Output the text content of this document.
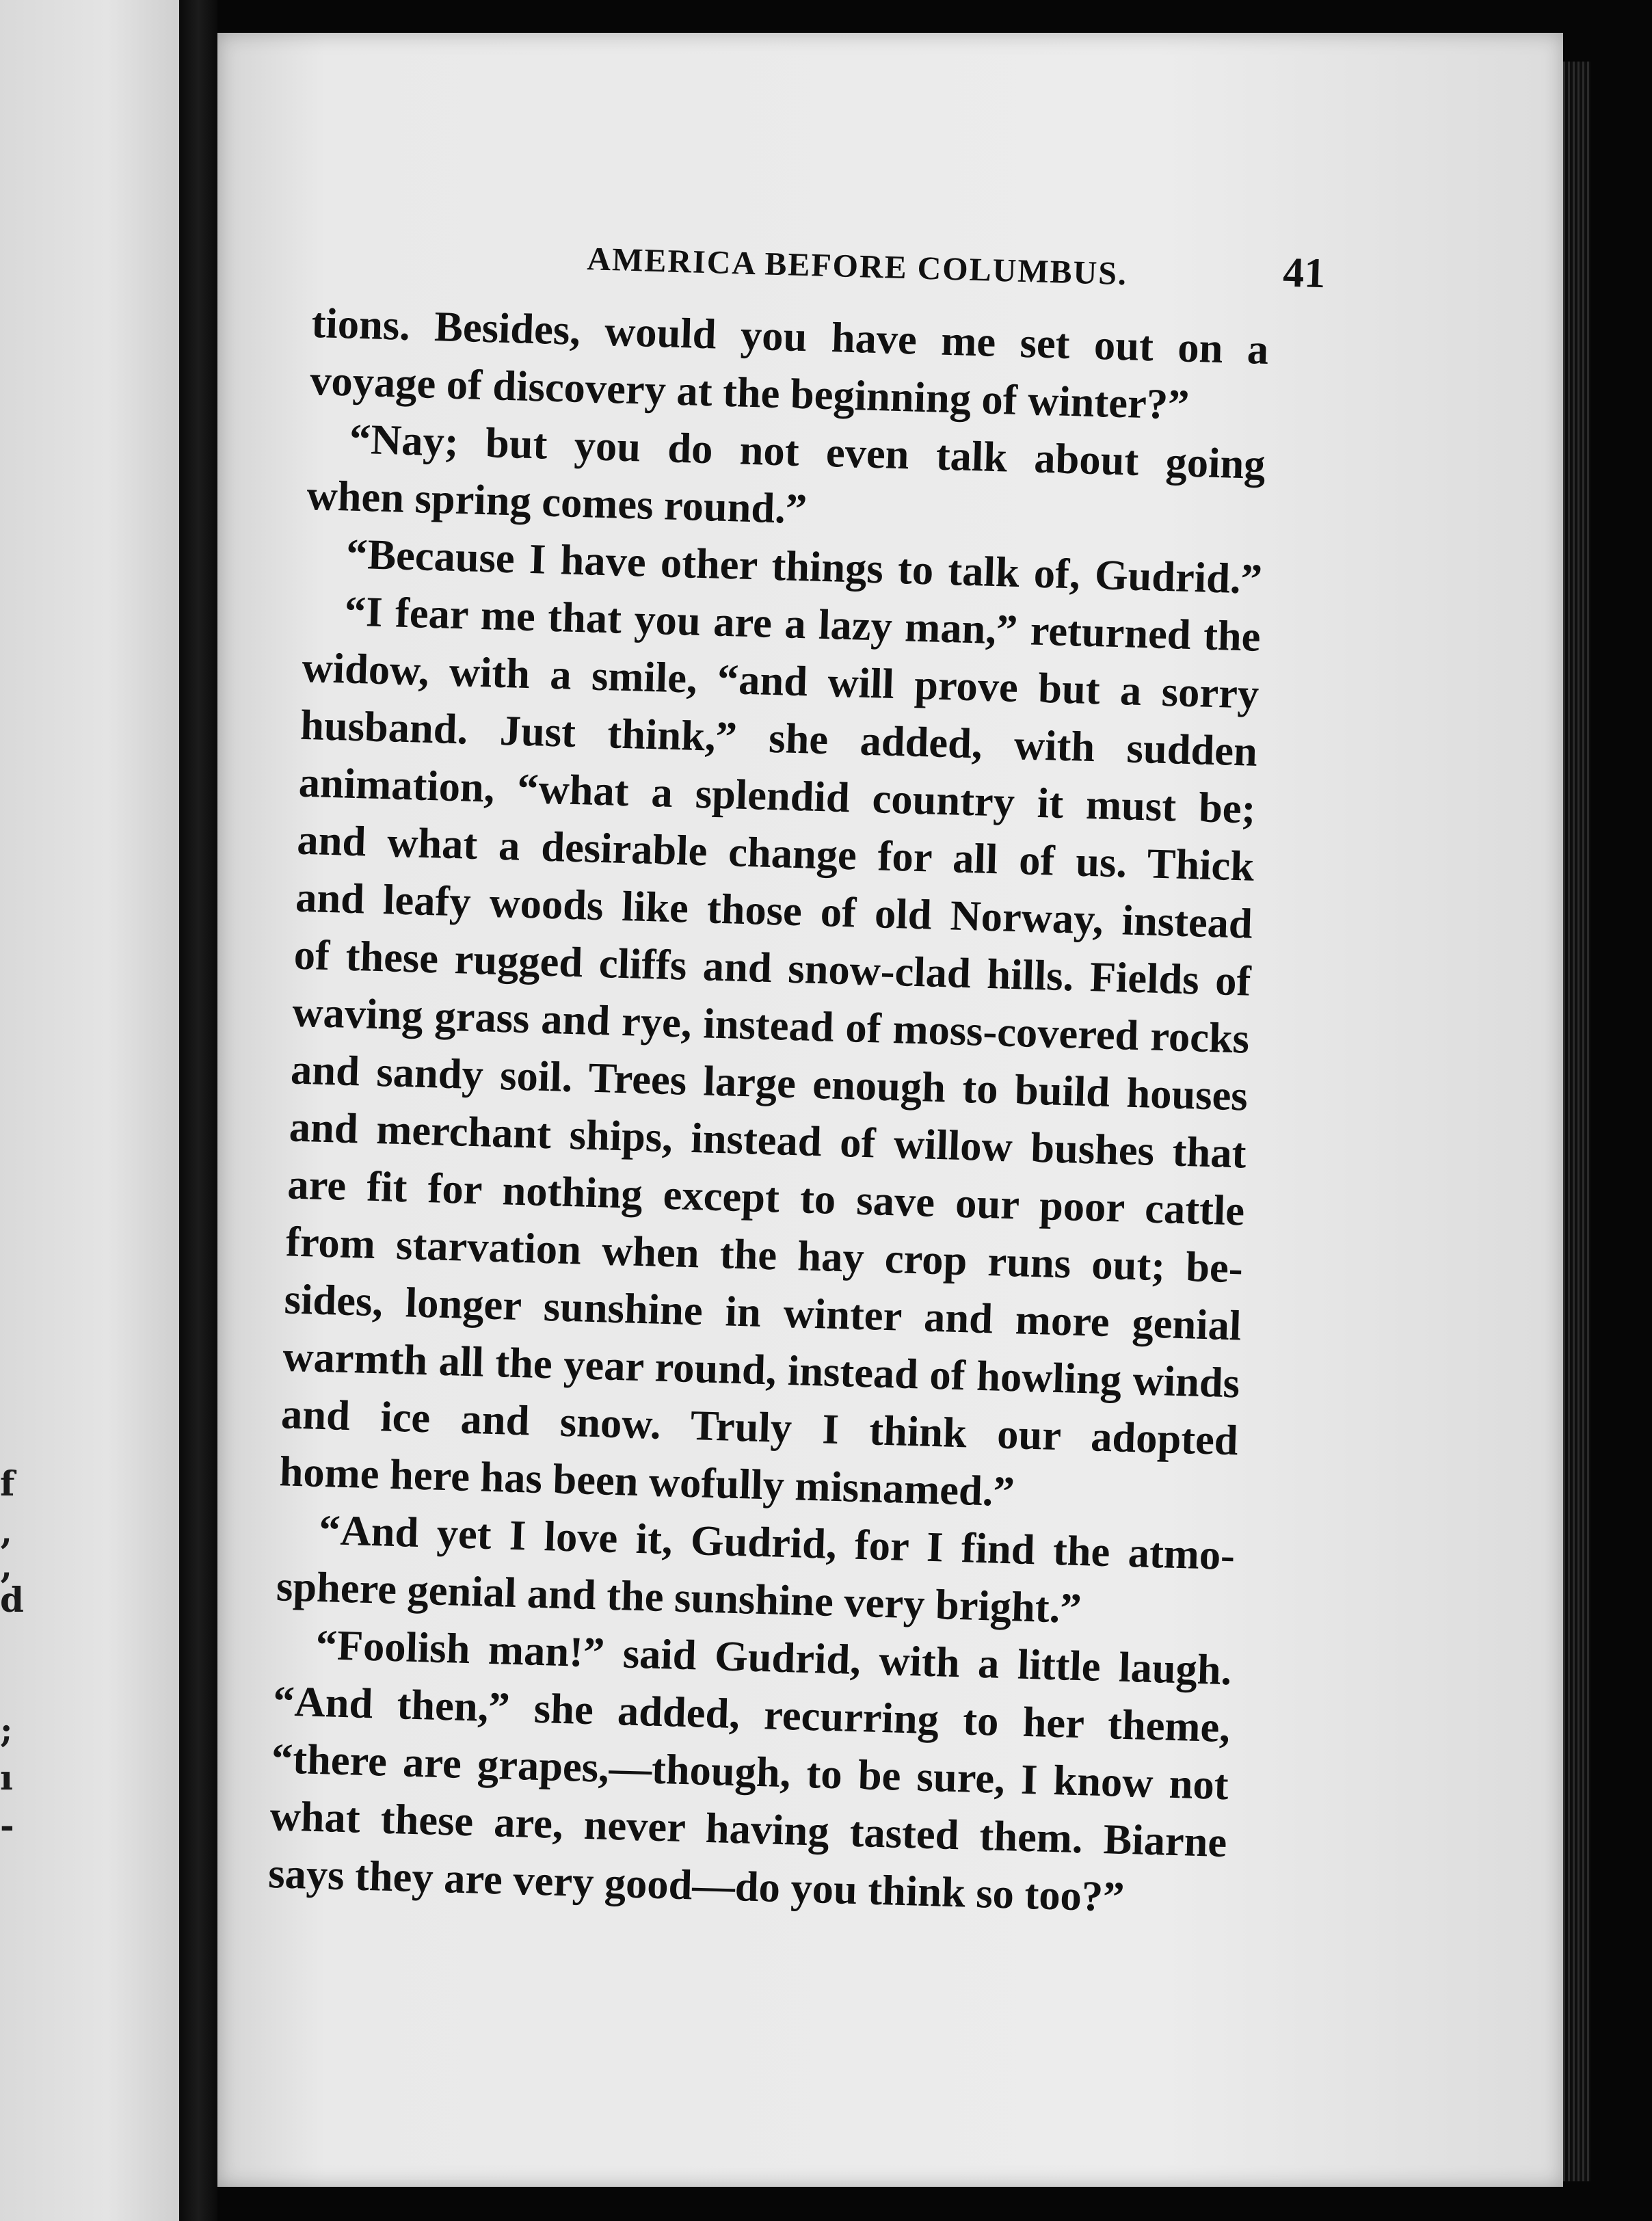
;
ı
-
,
f
,
d
AMERICA BEFORE COLUMBUS.	41
tions. Besides, would you have me set out on a
voyage of discovery at the beginning of winter?”
“Nay; but you do not even talk about going
when spring comes round.”
“Because I have other things to talk of, Gudrid.”
“I fear me that you are a lazy man,” returned the
widow, with a smile, “and will prove but a sorry
husband. Just think,” she added, with sudden
animation, “what a splendid country it must be;
and what a desirable change for all of us. Thick
and leafy woods like those of old Norway, instead
of these rugged cliffs and snow-clad hills. Fields of
waving grass and rye, instead of moss-covered rocks
and sandy soil. Trees large enough to build houses
and merchant ships, instead of willow bushes that
are fit for nothing except to save our poor cattle
from starvation when the hay crop runs out; be-
sides, longer sunshine in winter and more genial
warmth all the year round, instead of howling winds
and ice and snow. Truly I think our adopted
home here has been wofully misnamed.”
“And yet I love it, Gudrid, for I find the atmo-
sphere genial and the sunshine very bright.”
“Foolish man!” said Gudrid, with a little laugh.
“And then,” she added, recurring to her theme,
“there are grapes,—though, to be sure, I know not
what these are, never having tasted them. Biarne
says they are very good—do you think so too?”
